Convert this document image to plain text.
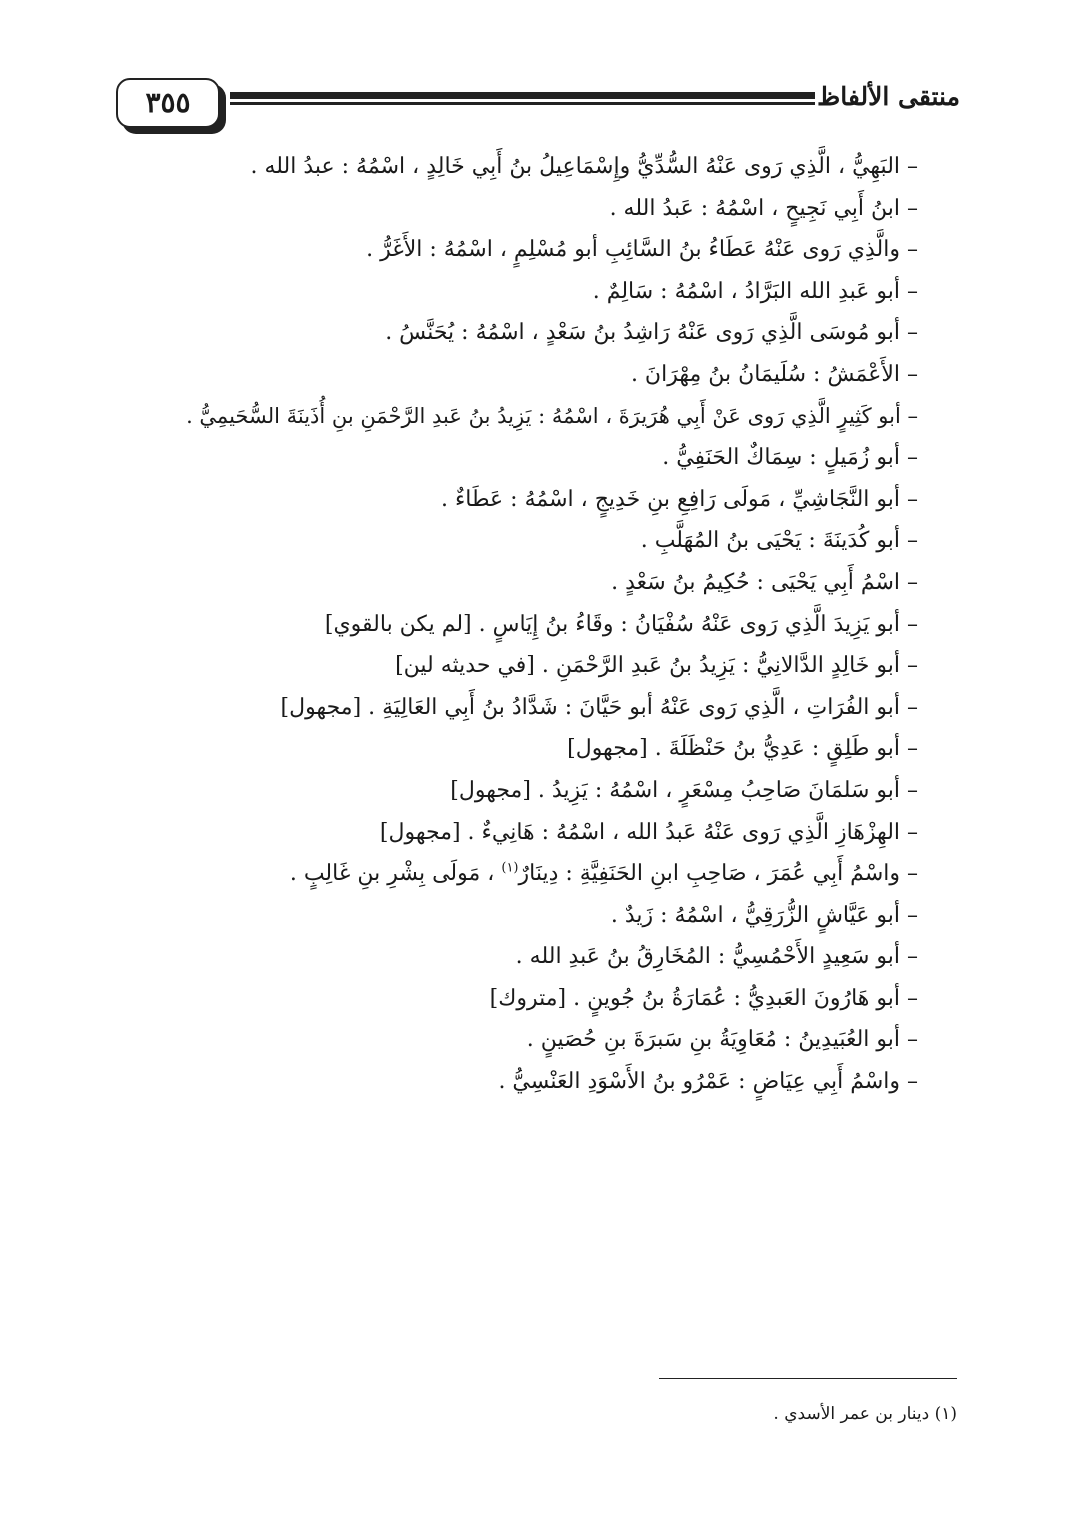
٣٥٥	منتقى الألفاظ
– البَهِيُّ ، الَّذِي رَوى عَنْهُ السُّدِّيُّ وإِسْمَاعِيلُ بنُ أَبِي خَالِدٍ ، اسْمُهُ : عبدُ الله .
– ابنُ أَبِي نَجِيحٍ ، اسْمُهُ : عَبدُ الله .
– والَّذِي رَوى عَنْهُ عَطَاءُ بنُ السَّائِبِ أبو مُسْلِمٍ ، اسْمُهُ : الأَغَرُّ .
– أبو عَبدِ الله البَرَّادُ ، اسْمُهُ : سَالِمٌ .
– أبو مُوسَى الَّذِي رَوى عَنْهُ رَاشِدُ بنُ سَعْدٍ ، اسْمُهُ : يُحَنَّسُ .
– الأَعْمَشُ : سُلَيمَانُ بنُ مِهْرَانَ .
– أبو كَثِيرٍ الَّذِي رَوى عَنْ أَبِي هُرَيرَةَ ، اسْمُهُ : يَزِيدُ بنُ عَبدِ الرَّحْمَنِ بنِ أُذَينَةَ السُّحَيمِيُّ .
– أبو زُمَيلٍ : سِمَاكٌ الحَنَفِيُّ .
– أبو النَّجَاشِيِّ ، مَولَى رَافِعِ بنِ خَدِيجٍ ، اسْمُهُ : عَطَاءٌ .
– أبو كُدَينَةَ : يَحْيَى بنُ المُهَلَّبِ .
– اسْمُ أَبِي يَحْيَى : حُكِيمُ بنُ سَعْدٍ .
– أبو يَزِيدَ الَّذِي رَوى عَنْهُ سُفْيَانُ : وقَاءُ بنُ إِيَاسٍ . [لم يكن بالقوي]
– أبو خَالِدٍ الدَّالانِيُّ : يَزِيدُ بنُ عَبدِ الرَّحْمَنِ . [في حديثه لين]
– أبو الفُرَاتِ ، الَّذِي رَوى عَنْهُ أبو حَيَّانَ : شَدَّادُ بنُ أَبِي العَالِيَةِ . [مجهول]
– أبو طَلِقٍ : عَدِيُّ بنُ حَنْظَلَةَ . [مجهول]
– أبو سَلمَانَ صَاحِبُ مِسْعَرٍ ، اسْمُهُ : يَزِيدُ . [مجهول]
– الهِزْهَازِ الَّذِي رَوى عَنْهُ عَبدُ الله ، اسْمُهُ : هَانِيءٌ . [مجهول]
– واسْمُ أَبِي عُمَرَ ، صَاحِبِ ابنِ الحَنَفِيَّةِ : دِينَارٌ$^{(١)}$ ، مَولَى بِشْرِ بنِ غَالِبٍ .
– أبو عَيَّاشٍ الزُّرَقِيُّ ، اسْمُهُ : زَيدٌ .
– أبو سَعِيدٍ الأَحْمُسِيُّ : المُخَارِقُ بنُ عَبدِ الله .
– أبو هَارُونَ العَبدِيُّ : عُمَارَةُ بنُ جُوينٍ . [متروك]
– أبو العُبَيدِينُ : مُعَاوِيَةُ بنِ سَبرَةَ بنِ حُصَينٍ .
– واسْمُ أَبِي عِيَاضٍ : عَمْرُو بنُ الأَسْوَدِ العَنْسِيُّ .
(١) دينار بن عمر الأسدي .
